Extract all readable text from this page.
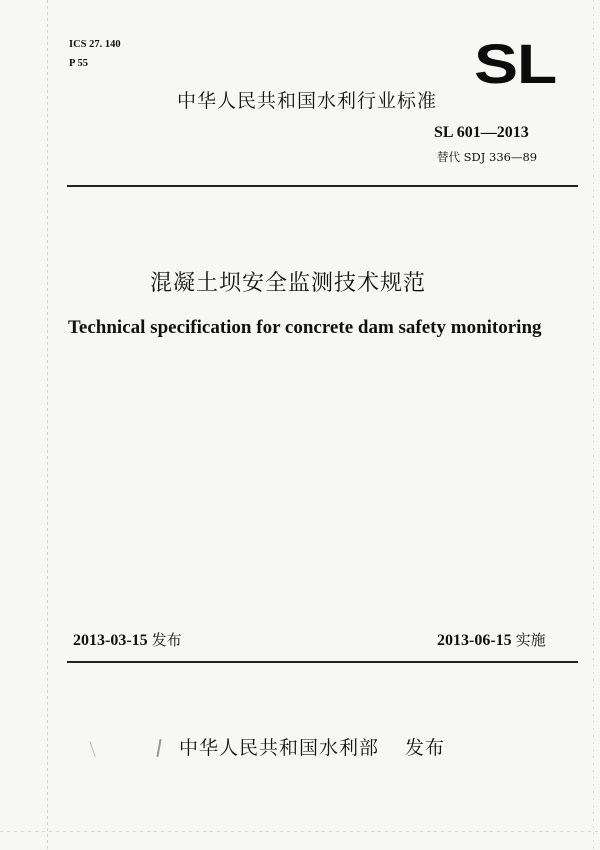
ICS 27. 140
P 55	SL
中华人民共和国水利行业标准
SL 601—2013
替代 SDJ 336—89
混凝土坝安全监测技术规范
Technical specification for concrete dam safety monitoring
2013-03-15 发布	2013-06-15 实施
中华人民共和国水利部 发布
